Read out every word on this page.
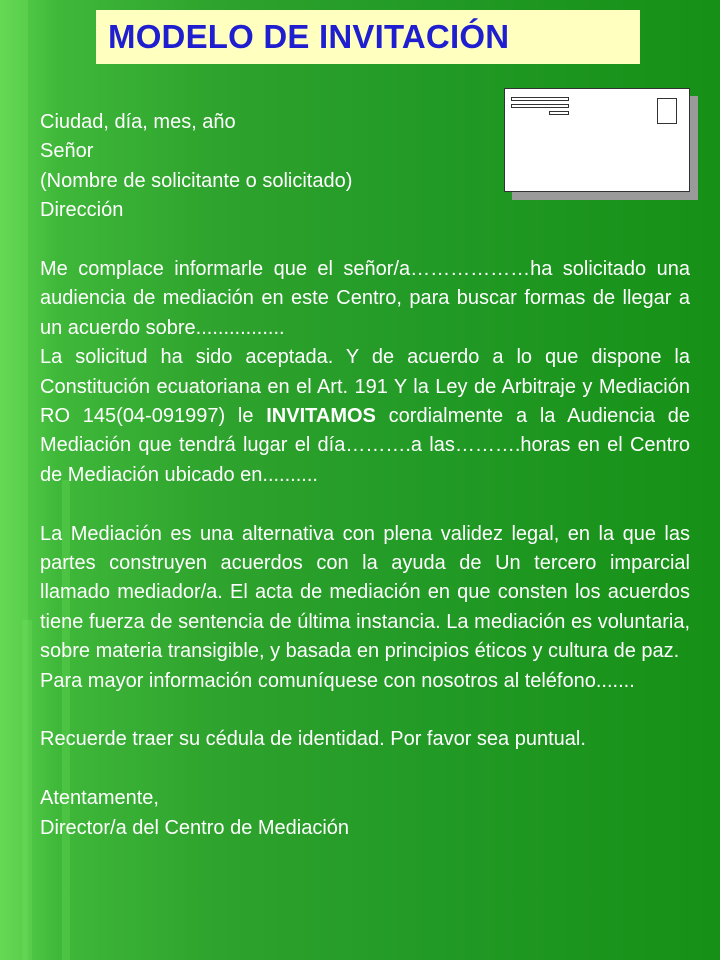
MODELO DE INVITACIÓN

Ciudad, día, mes, año

Señor

(Nombre de solicitante o solicitado)

Dirección

Me complace informarle que el señor/a………………ha solicitado una audiencia de mediación en este Centro, para buscar formas de llegar a un acuerdo sobre................

La solicitud ha sido aceptada. Y de acuerdo a lo que dispone la Constitución ecuatoriana en el Art. 191 Y la Ley de Arbitraje y Mediación RO 145(04-091997) le INVITAMOS cordialmente a la Audiencia de Mediación que tendrá lugar el día……….a las……….horas en el Centro de Mediación ubicado en..........

La Mediación es una alternativa con plena validez legal, en la que las partes construyen acuerdos con la ayuda de Un tercero imparcial llamado mediador/a. El acta de mediación en que consten los acuerdos tiene fuerza de sentencia de última instancia. La mediación es voluntaria, sobre materia transigible, y basada en principios éticos y cultura de paz.

Para mayor información comuníquese con nosotros al teléfono.......

Recuerde traer su cédula de identidad. Por favor sea puntual.

Atentamente,

Director/a del Centro de Mediación
